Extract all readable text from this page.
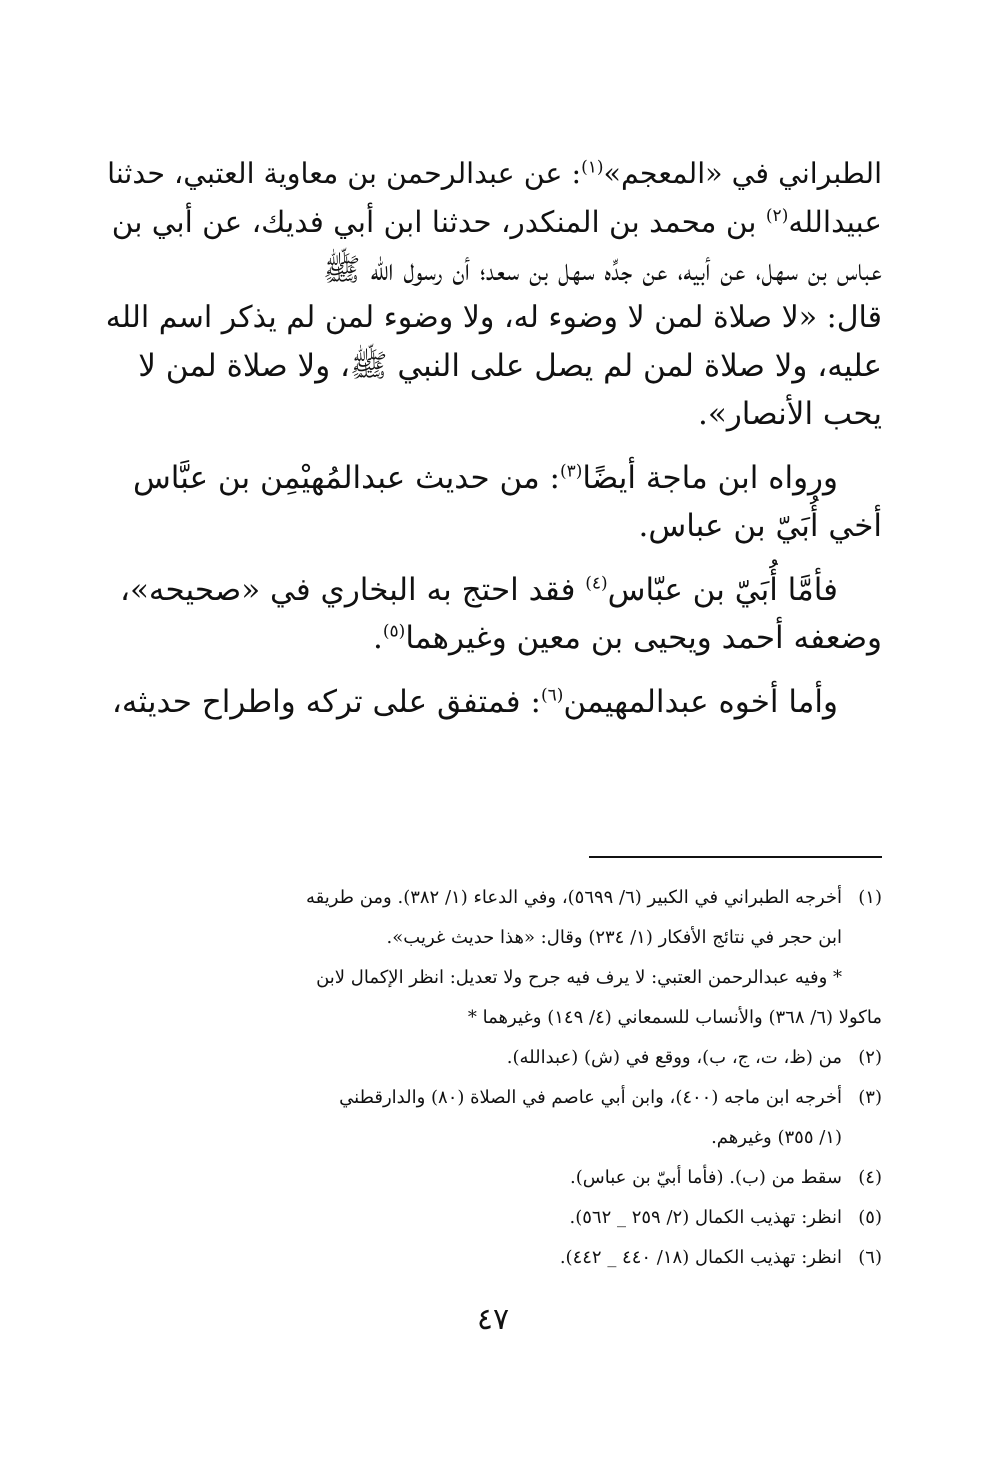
الطبراني في «المعجم»$^{(١)}$: عن عبدالرحمن بن معاوية العتبي، حدثنا
عبيدالله$^{(٢)}$ بن محمد بن المنكدر، حدثنا ابن أبي فديك، عن أبي بن
عباس بن سهل، عن أبيه، عن جدِّه سهل بن سعد؛ أن رسول الله ﷺ
قال: «لا صلاة لمن لا وضوء له، ولا وضوء لمن لم يذكر اسم الله
عليه، ولا صلاة لمن لم يصل على النبي ﷺ، ولا صلاة لمن لا
يحب الأنصار».

ورواه ابن ماجة أيضًا$^{(٣)}$: من حديث عبدالمُهيْمِن بن عبَّاس
أخي أُبَيّ بن عباس.

فأمَّا أُبَيّ بن عبّاس$^{(٤)}$ فقد احتج به البخاري في «صحيحه»،
وضعفه أحمد ويحيى بن معين وغيرهما$^{(٥)}$.

وأما أخوه عبدالمهيمن$^{(٦)}$: فمتفق على تركه واطراح حديثه،

(١)
أخرجه الطبراني في الكبير (٦/ ٥٦٩٩)، وفي الدعاء (١/ ٣٨٢). ومن طريقه
ابن حجر في نتائج الأفكار (١/ ٢٣٤) وقال: «هذا حديث غريب».
* وفيه عبدالرحمن العتبي: لا يرف فيه جرح ولا تعديل: انظر الإكمال لابن
ماكولا (٦/ ٣٦٨) والأنساب للسمعاني (٤/ ١٤٩) وغيرهما *
(٢)
من (ظ، ت، ج، ب)، ووقع في (ش) (عبدالله).
(٣)
أخرجه ابن ماجه (٤٠٠)، وابن أبي عاصم في الصلاة (٨٠) والدارقطني
(١/ ٣٥٥) وغيرهم.
(٤)
سقط من (ب). (فأما أبيّ بن عباس).
(٥)
انظر: تهذيب الكمال (٢/ ٢٥٩ _ ٥٦٢).
(٦)
انظر: تهذيب الكمال (١٨/ ٤٤٠ _ ٤٤٢).
٤٧
